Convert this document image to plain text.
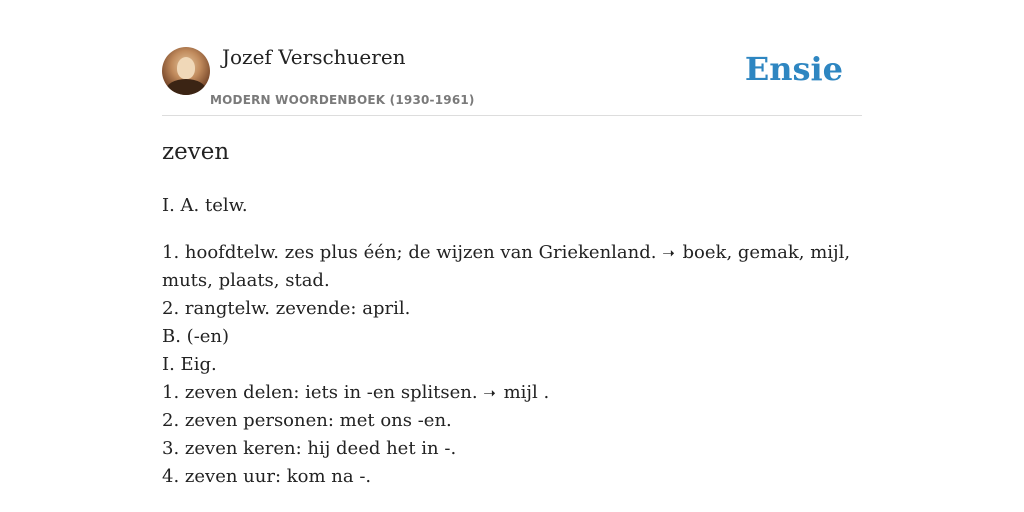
Jozef Verschueren
MODERN WOORDENBOEK (1930-1961)
Ensie
zeven
I. A. telw.
1. hoofdtelw. zes plus één; de wijzen van Griekenland. ➝ boek, gemak, mijl, muts, plaats, stad.
2. rangtelw. zevende: april.
B. (-en)
I. Eig.
1. zeven delen: iets in -en splitsen. ➝ mijl .
2. zeven personen: met ons -en.
3. zeven keren: hij deed het in -.
4. zeven uur: kom na -.
